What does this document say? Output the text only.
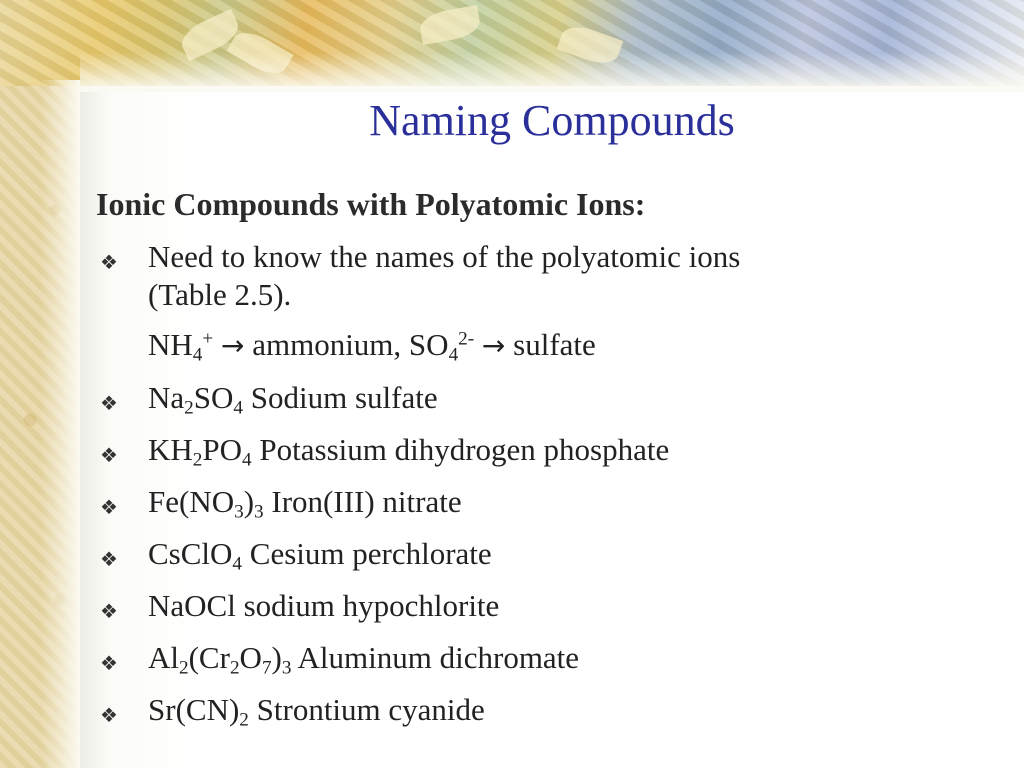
Naming Compounds
Ionic Compounds with Polyatomic Ions:
❖ Need to know the names of the polyatomic ions
(Table 2.5).
$NH_4^+$ → ammonium, $SO_4^{2-}$ → sulfate
❖ $Na_2SO_4$ Sodium sulfate
❖ $KH_2PO_4$ Potassium dihydrogen phosphate
❖ $Fe(NO_3)_3$ Iron(III) nitrate
❖ CsClO$_4$ Cesium perchlorate
❖ NaOCl sodium hypochlorite
❖ $Al_2(Cr_2O_7)_3$ Aluminum dichromate
❖ $Sr(CN)_2$ Strontium cyanide
